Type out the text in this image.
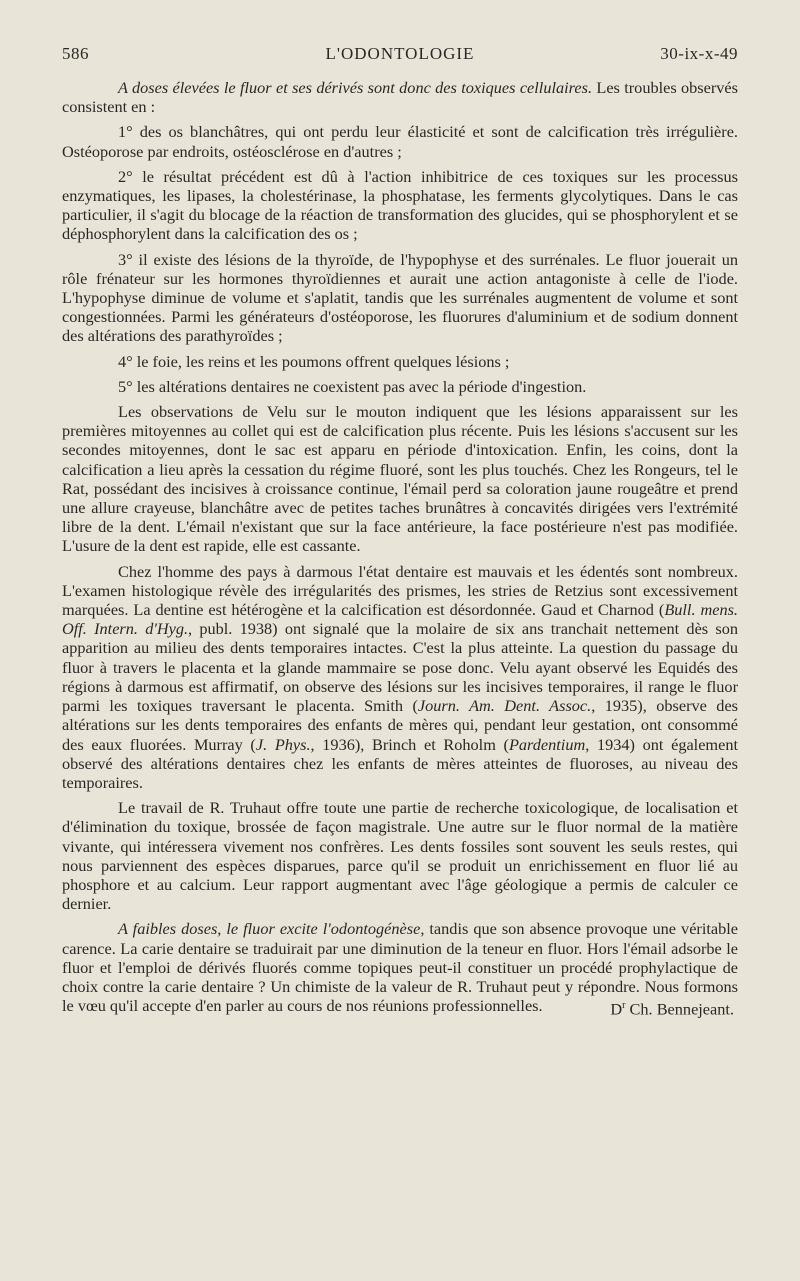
586	L'ODONTOLOGIE	30-ix-x-49

A doses élevées le fluor et ses dérivés sont donc des toxiques cellulaires. Les troubles observés consistent en :

1° des os blanchâtres, qui ont perdu leur élasticité et sont de calcification très irrégulière. Ostéoporose par endroits, ostéosclérose en d'autres ;

2° le résultat précédent est dû à l'action inhibitrice de ces toxiques sur les processus enzymatiques, les lipases, la cholestérinase, la phosphatase, les ferments glycolytiques. Dans le cas particulier, il s'agit du blocage de la réaction de transformation des glucides, qui se phosphorylent et se déphosphorylent dans la calcification des os ;

3° il existe des lésions de la thyroïde, de l'hypophyse et des surrénales. Le fluor jouerait un rôle frénateur sur les hormones thyroïdiennes et aurait une action antagoniste à celle de l'iode. L'hypophyse diminue de volume et s'aplatit, tandis que les surrénales augmentent de volume et sont congestionnées. Parmi les générateurs d'ostéoporose, les fluorures d'aluminium et de sodium donnent des altérations des parathyroïdes ;

4° le foie, les reins et les poumons offrent quelques lésions ;

5° les altérations dentaires ne coexistent pas avec la période d'ingestion.

Les observations de Velu sur le mouton indiquent que les lésions apparaissent sur les premières mitoyennes au collet qui est de calcification plus récente. Puis les lésions s'accusent sur les secondes mitoyennes, dont le sac est apparu en période d'intoxication. Enfin, les coins, dont la calcification a lieu après la cessation du régime fluoré, sont les plus touchés. Chez les Rongeurs, tel le Rat, possédant des incisives à croissance continue, l'émail perd sa coloration jaune rougeâtre et prend une allure crayeuse, blanchâtre avec de petites taches brunâtres à concavités dirigées vers l'extrémité libre de la dent. L'émail n'existant que sur la face antérieure, la face postérieure n'est pas modifiée. L'usure de la dent est rapide, elle est cassante.

Chez l'homme des pays à darmous l'état dentaire est mauvais et les édentés sont nombreux. L'examen histologique révèle des irrégularités des prismes, les stries de Retzius sont excessivement marquées. La dentine est hétérogène et la calcification est désordonnée. Gaud et Charnod (Bull. mens. Off. Intern. d'Hyg., publ. 1938) ont signalé que la molaire de six ans tranchait nettement dès son apparition au milieu des dents temporaires intactes. C'est la plus atteinte. La question du passage du fluor à travers le placenta et la glande mammaire se pose donc. Velu ayant observé les Equidés des régions à darmous est affirmatif, on observe des lésions sur les incisives temporaires, il range le fluor parmi les toxiques traversant le placenta. Smith (Journ. Am. Dent. Assoc., 1935), observe des altérations sur les dents temporaires des enfants de mères qui, pendant leur gestation, ont consommé des eaux fluorées. Murray (J. Phys., 1936), Brinch et Roholm (Pardentium, 1934) ont également observé des altérations dentaires chez les enfants de mères atteintes de fluoroses, au niveau des temporaires.

Le travail de R. Truhaut offre toute une partie de recherche toxicologique, de localisation et d'élimination du toxique, brossée de façon magistrale. Une autre sur le fluor normal de la matière vivante, qui intéressera vivement nos confrères. Les dents fossiles sont souvent les seuls restes, qui nous parviennent des espèces disparues, parce qu'il se produit un enrichissement en fluor lié au phosphore et au calcium. Leur rapport augmentant avec l'âge géologique a permis de calculer ce dernier.

A faibles doses, le fluor excite l'odontogénèse, tandis que son absence provoque une véritable carence. La carie dentaire se traduirait par une diminution de la teneur en fluor. Hors l'émail adsorbe le fluor et l'emploi de dérivés fluorés comme topiques peut-il constituer un procédé prophylactique de choix contre la carie dentaire ? Un chimiste de la valeur de R. Truhaut peut y répondre. Nous formons le vœu qu'il accepte d'en parler au cours de nos réunions professionnelles.	$D^r$ Ch. Bennejeant.
